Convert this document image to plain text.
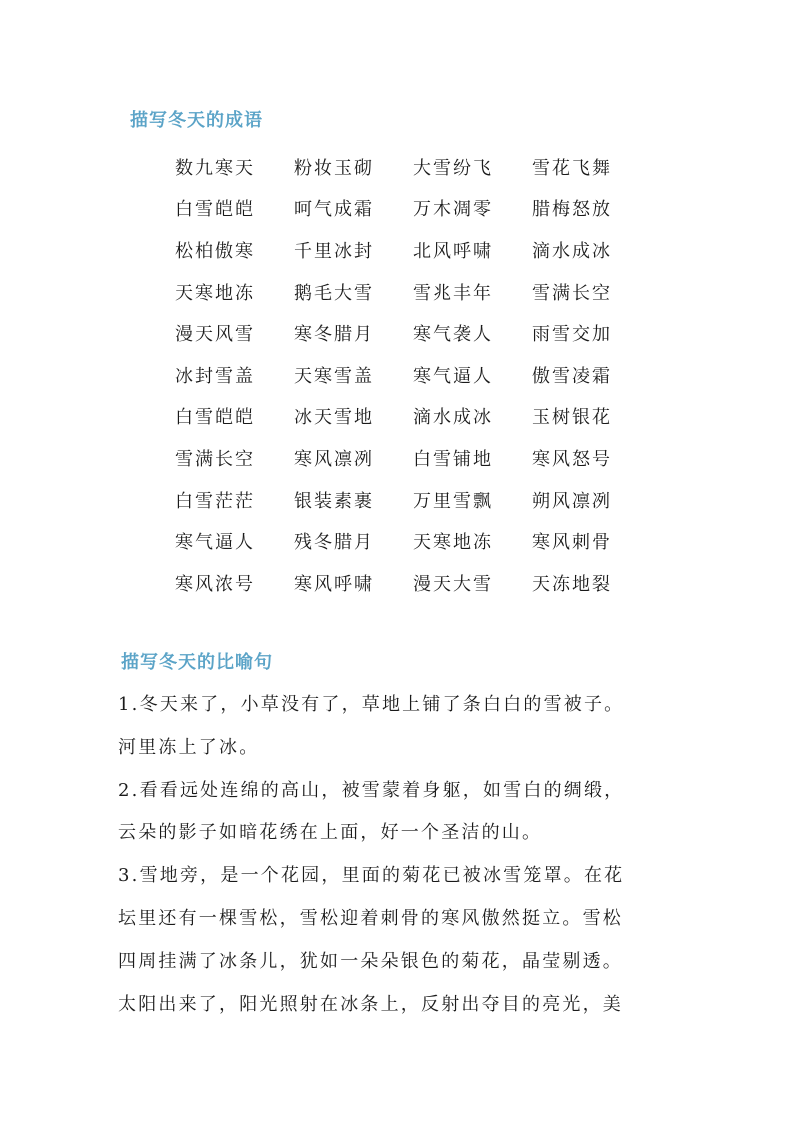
描写冬天的成语
数九寒天	粉妆玉砌	大雪纷飞	雪花飞舞
白雪皑皑	呵气成霜	万木凋零	腊梅怒放
松柏傲寒	千里冰封	北风呼啸	滴水成冰
天寒地冻	鹅毛大雪	雪兆丰年	雪满长空
漫天风雪	寒冬腊月	寒气袭人	雨雪交加
冰封雪盖	天寒雪盖	寒气逼人	傲雪凌霜
白雪皑皑	冰天雪地	滴水成冰	玉树银花
雪满长空	寒风凛冽	白雪铺地	寒风怒号
白雪茫茫	银装素裹	万里雪飘	朔风凛冽
寒气逼人	残冬腊月	天寒地冻	寒风刺骨
寒风浓号	寒风呼啸	漫天大雪	天冻地裂
描写冬天的比喻句
1.冬天来了，小草没有了，草地上铺了条白白的雪被子。
河里冻上了冰。
2.看看远处连绵的高山，被雪蒙着身躯，如雪白的绸缎，
云朵的影子如暗花绣在上面，好一个圣洁的山。
3.雪地旁，是一个花园，里面的菊花已被冰雪笼罩。在花
坛里还有一棵雪松，雪松迎着刺骨的寒风傲然挺立。雪松
四周挂满了冰条儿，犹如一朵朵银色的菊花，晶莹剔透。
太阳出来了，阳光照射在冰条上，反射出夺目的亮光，美
